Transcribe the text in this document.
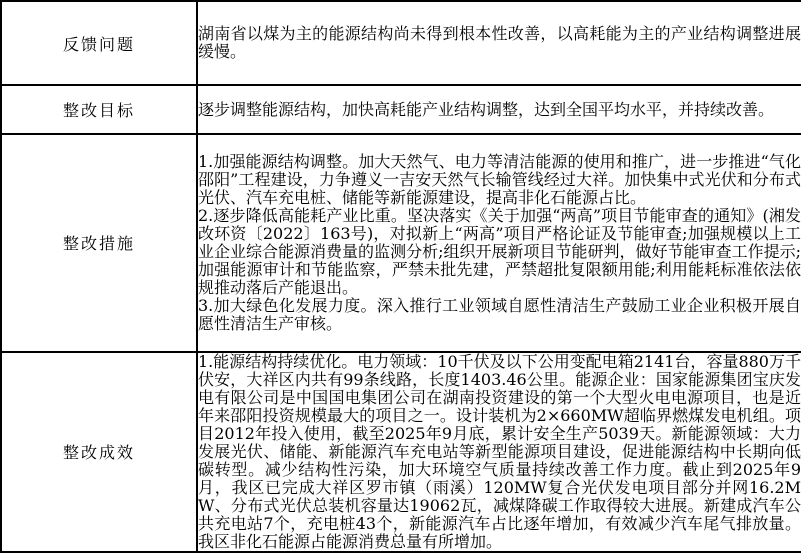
反馈问题	湖南省以煤为主的能源结构尚未得到根本性改善，以高耗能为主的产业结构调整进展缓慢。

整改目标	逐步调整能源结构，加快高耗能产业结构调整，达到全国平均水平，并持续改善。

整改措施	1.加强能源结构调整。加大天然气、电力等清洁能源的使用和推广，进一步推进“气化邵阳”工程建设，力争遵义一吉安天然气长输管线经过大祥。加快集中式光伏和分布式光伏、汽车充电桩、储能等新能源建设，提高非化石能源占比。

2.逐步降低高能耗产业比重。坚决落实《关于加强“两高”项目节能审查的通知》(湘发改环资〔2022〕163号)，对拟新上“两高”项目严格论证及节能审查;加强规模以上工业企业综合能源消费量的监测分析;组织开展新项目节能研判，做好节能审查工作提示;加强能源审计和节能监察，严禁未批先建，严禁超批复限额用能;利用能耗标准依法依规推动落后产能退出。

3.加大绿色化发展力度。深入推行工业领域自愿性清洁生产鼓励工业企业积极开展自愿性清洁生产审核。

整改成效	1.能源结构持续优化。电力领域：10千伏及以下公用变配电箱2141台，容量880万千伏安，大祥区内共有99条线路，长度1403.46公里。能源企业：国家能源集团宝庆发电有限公司是中国国电集团公司在湖南投资建设的第一个大型火电电源项目，也是近年来邵阳投资规模最大的项目之一。设计装机为2×660MW超临界燃煤发电机组。项目2012年投入使用，截至2025年9月底，累计安全生产5039天。新能源领域：大力发展光伏、储能、新能源汽车充电站等新型能源项目建设，促进能源结构中长期向低碳转型。减少结构性污染，加大环境空气质量持续改善工作力度。截止到2025年9月，我区已完成大祥区罗市镇（雨溪）120MW复合光伏发电项目部分并网16.2MW、分布式光伏总装机容量达19062瓦，减煤降碳工作取得较大进展。新建成汽车公共充电站7个，充电桩43个，新能源汽车占比逐年增加，有效减少汽车尾气排放量。我区非化石能源占能源消费总量有所增加。
